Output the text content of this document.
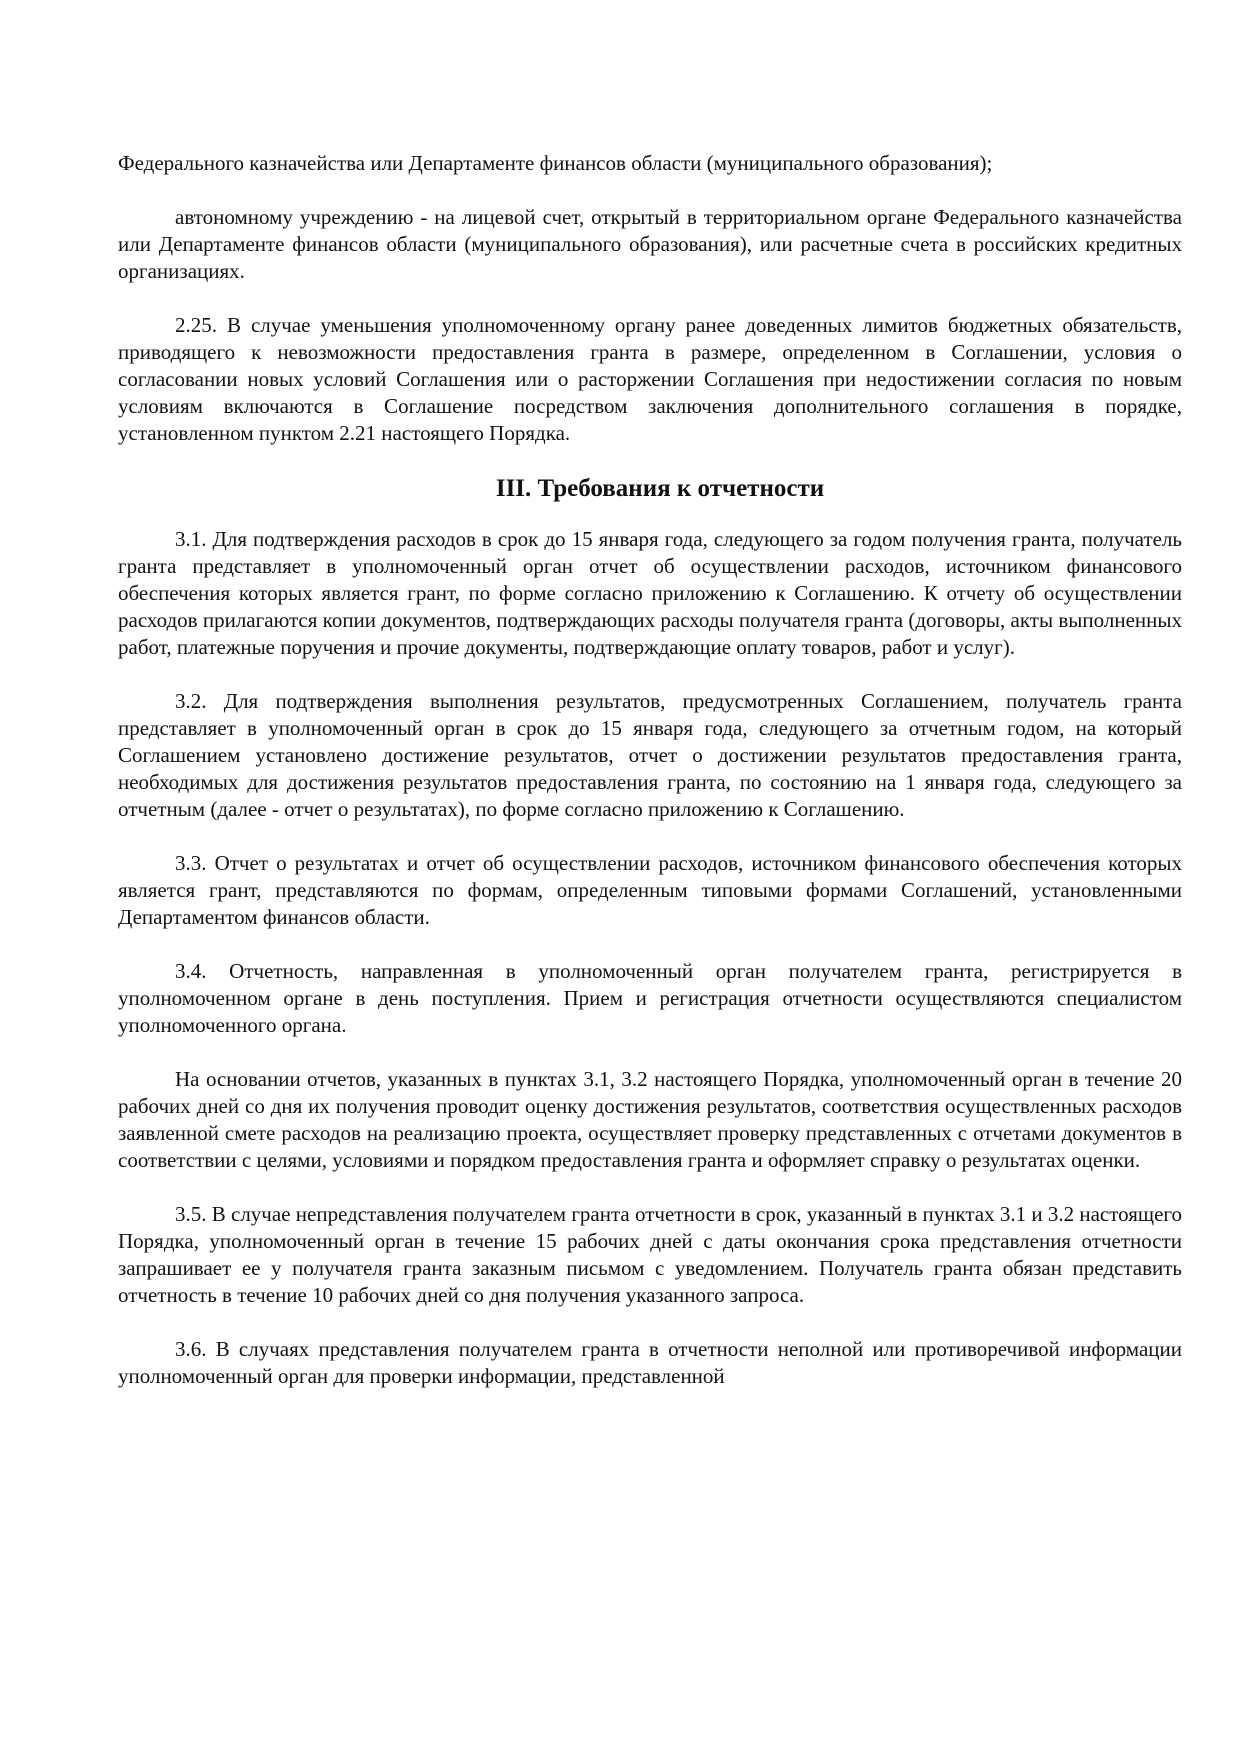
Федерального казначейства или Департаменте финансов области (муниципального образования);

автономному учреждению - на лицевой счет, открытый в территориальном органе Федерального казначейства или Департаменте финансов области (муниципального образования), или расчетные счета в российских кредитных организациях.

2.25. В случае уменьшения уполномоченному органу ранее доведенных лимитов бюджетных обязательств, приводящего к невозможности предоставления гранта в размере, определенном в Соглашении, условия о согласовании новых условий Соглашения или о расторжении Соглашения при недостижении согласия по новым условиям включаются в Соглашение посредством заключения дополнительного соглашения в порядке, установленном пунктом 2.21 настоящего Порядка.

III. Требования к отчетности

3.1. Для подтверждения расходов в срок до 15 января года, следующего за годом получения гранта, получатель гранта представляет в уполномоченный орган отчет об осуществлении расходов, источником финансового обеспечения которых является грант, по форме согласно приложению к Соглашению. К отчету об осуществлении расходов прилагаются копии документов, подтверждающих расходы получателя гранта (договоры, акты выполненных работ, платежные поручения и прочие документы, подтверждающие оплату товаров, работ и услуг).

3.2. Для подтверждения выполнения результатов, предусмотренных Соглашением, получатель гранта представляет в уполномоченный орган в срок до 15 января года, следующего за отчетным годом, на который Соглашением установлено достижение результатов, отчет о достижении результатов предоставления гранта, необходимых для достижения результатов предоставления гранта, по состоянию на 1 января года, следующего за отчетным (далее - отчет о результатах), по форме согласно приложению к Соглашению.

3.3. Отчет о результатах и отчет об осуществлении расходов, источником финансового обеспечения которых является грант, представляются по формам, определенным типовыми формами Соглашений, установленными Департаментом финансов области.

3.4. Отчетность, направленная в уполномоченный орган получателем гранта, регистрируется в уполномоченном органе в день поступления. Прием и регистрация отчетности осуществляются специалистом уполномоченного органа.

На основании отчетов, указанных в пунктах 3.1, 3.2 настоящего Порядка, уполномоченный орган в течение 20 рабочих дней со дня их получения проводит оценку достижения результатов, соответствия осуществленных расходов заявленной смете расходов на реализацию проекта, осуществляет проверку представленных с отчетами документов в соответствии с целями, условиями и порядком предоставления гранта и оформляет справку о результатах оценки.

3.5. В случае непредставления получателем гранта отчетности в срок, указанный в пунктах 3.1 и 3.2 настоящего Порядка, уполномоченный орган в течение 15 рабочих дней с даты окончания срока представления отчетности запрашивает ее у получателя гранта заказным письмом с уведомлением. Получатель гранта обязан представить отчетность в течение 10 рабочих дней со дня получения указанного запроса.

3.6. В случаях представления получателем гранта в отчетности неполной или противоречивой информации уполномоченный орган для проверки информации, представленной
